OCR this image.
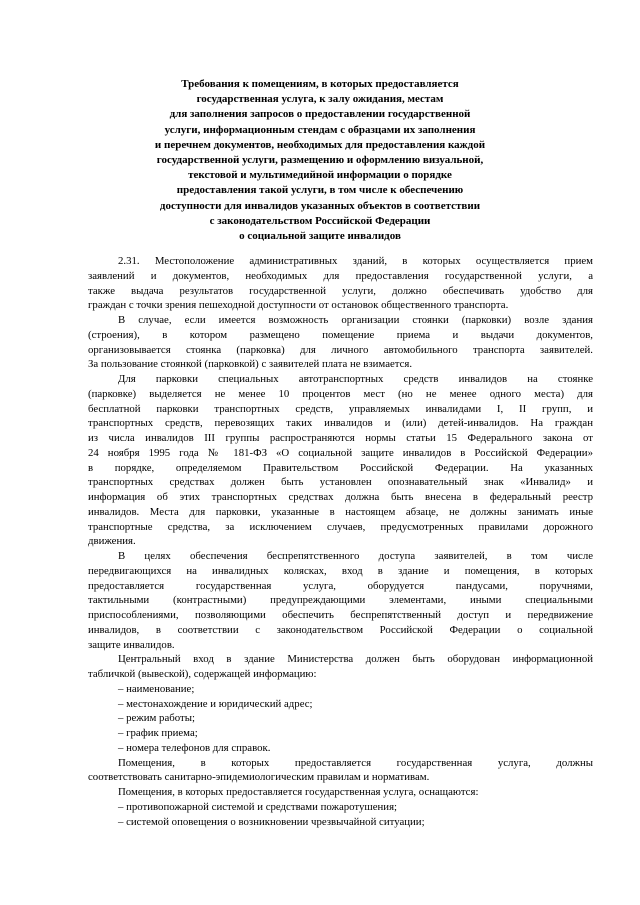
Требования к помещениям, в которых предоставляется
государственная услуга, к залу ожидания, местам
для заполнения запросов о предоставлении государственной
услуги, информационным стендам с образцами их заполнения
и перечнем документов, необходимых для предоставления каждой
государственной услуги, размещению и оформлению визуальной,
текстовой и мультимедийной информации о порядке
предоставления такой услуги, в том числе к обеспечению
доступности для инвалидов указанных объектов в соответствии
с законодательством Российской Федерации
о социальной защите инвалидов
2.31. Местоположение административных зданий, в которых осуществляется прием
заявлений и документов, необходимых для предоставления государственной услуги, а
также выдача результатов государственной услуги, должно обеспечивать удобство для
граждан с точки зрения пешеходной доступности от остановок общественного транспорта.
В случае, если имеется возможность организации стоянки (парковки) возле здания
(строения), в котором размещено помещение приема и выдачи документов,
организовывается стоянка (парковка) для личного автомобильного транспорта заявителей.
За пользование стоянкой (парковкой) с заявителей плата не взимается.
Для парковки специальных автотранспортных средств инвалидов на стоянке
(парковке) выделяется не менее 10 процентов мест (но не менее одного места) для
бесплатной парковки транспортных средств, управляемых инвалидами I, II групп, и
транспортных средств, перевозящих таких инвалидов и (или) детей-инвалидов. На граждан
из числа инвалидов III группы распространяются нормы статьи 15 Федерального закона от
24 ноября 1995 года № 181-ФЗ «О социальной защите инвалидов в Российской Федерации»
в порядке, определяемом Правительством Российской Федерации. На указанных
транспортных средствах должен быть установлен опознавательный знак «Инвалид» и
информация об этих транспортных средствах должна быть внесена в федеральный реестр
инвалидов. Места для парковки, указанные в настоящем абзаце, не должны занимать иные
транспортные средства, за исключением случаев, предусмотренных правилами дорожного
движения.
В целях обеспечения беспрепятственного доступа заявителей, в том числе
передвигающихся на инвалидных колясках, вход в здание и помещения, в которых
предоставляется государственная услуга, оборудуется пандусами, поручнями,
тактильными (контрастными) предупреждающими элементами, иными специальными
приспособлениями, позволяющими обеспечить беспрепятственный доступ и передвижение
инвалидов, в соответствии с законодательством Российской Федерации о социальной
защите инвалидов.
Центральный вход в здание Министерства должен быть оборудован информационной
табличкой (вывеской), содержащей информацию:
– наименование;
– местонахождение и юридический адрес;
– режим работы;
– график приема;
– номера телефонов для справок.
Помещения, в которых предоставляется государственная услуга, должны
соответствовать санитарно-эпидемиологическим правилам и нормативам.
Помещения, в которых предоставляется государственная услуга, оснащаются:
– противопожарной системой и средствами пожаротушения;
– системой оповещения о возникновении чрезвычайной ситуации;
